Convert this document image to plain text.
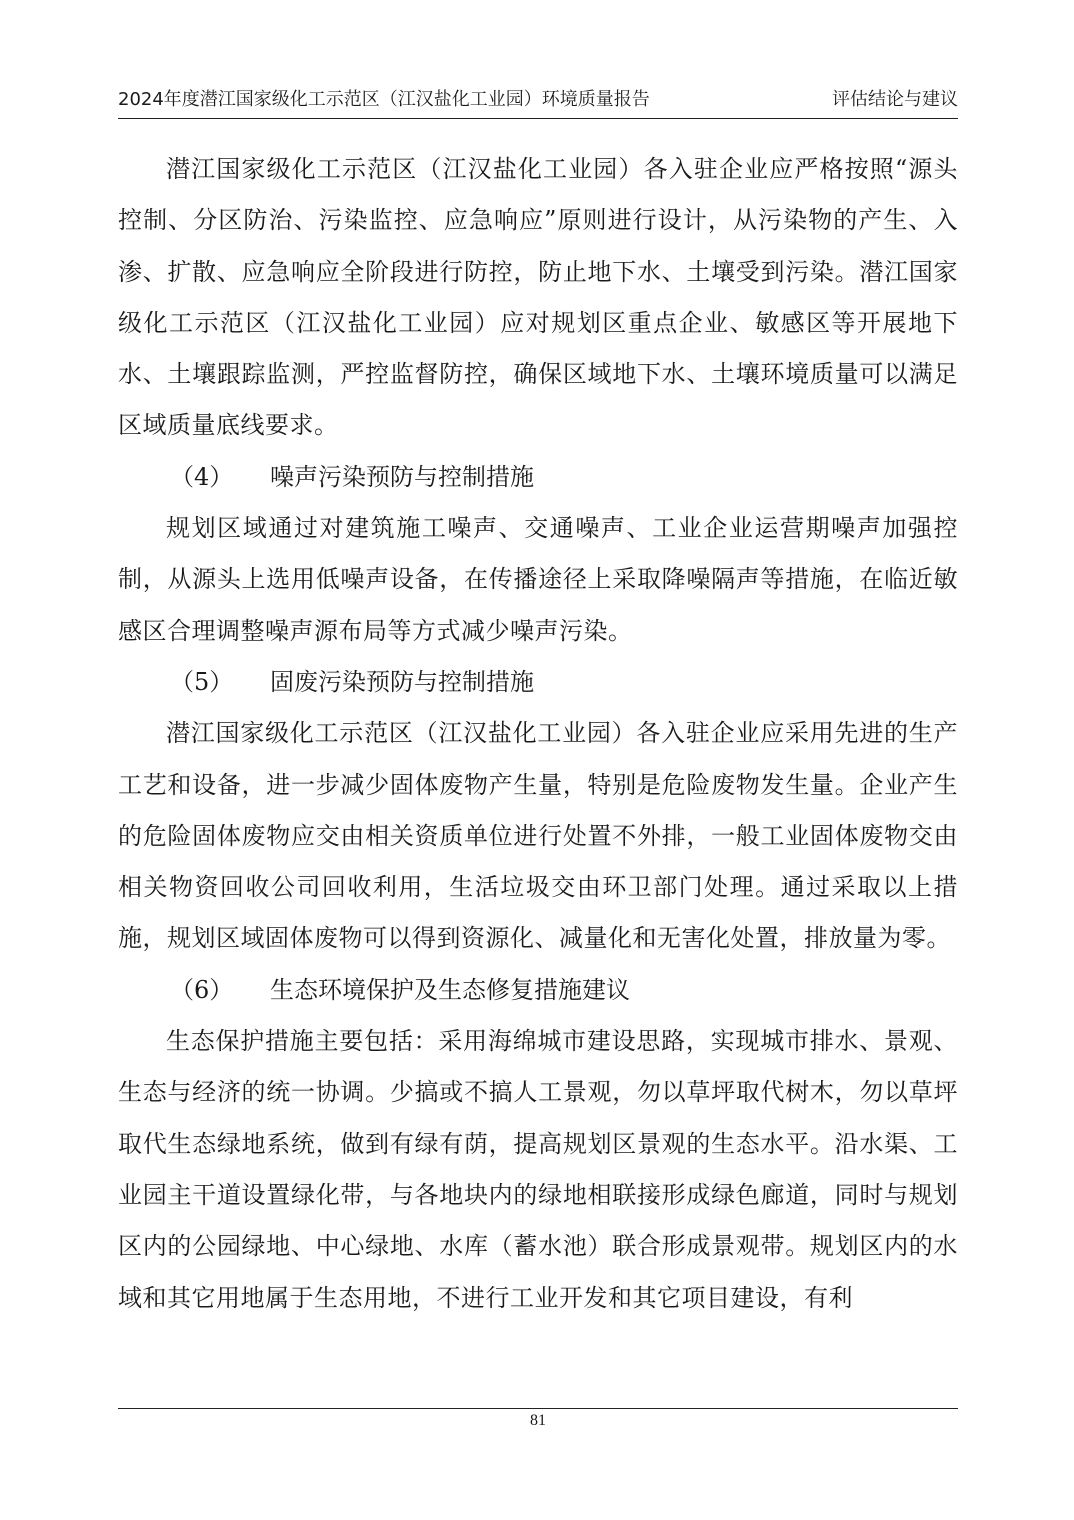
2024年度潜江国家级化工示范区（江汉盐化工业园）环境质量报告	评估结论与建议

潜江国家级化工示范区（江汉盐化工业园）各入驻企业应严格按照“源头控制、分区防治、污染监控、应急响应”原则进行设计，从污染物的产生、入渗、扩散、应急响应全阶段进行防控，防止地下水、土壤受到污染。潜江国家级化工示范区（江汉盐化工业园）应对规划区重点企业、敏感区等开展地下水、土壤跟踪监测，严控监督防控，确保区域地下水、土壤环境质量可以满足区域质量底线要求。

（4） 噪声污染预防与控制措施

规划区域通过对建筑施工噪声、交通噪声、工业企业运营期噪声加强控制，从源头上选用低噪声设备，在传播途径上采取降噪隔声等措施，在临近敏感区合理调整噪声源布局等方式减少噪声污染。

（5） 固废污染预防与控制措施

潜江国家级化工示范区（江汉盐化工业园）各入驻企业应采用先进的生产工艺和设备，进一步减少固体废物产生量，特别是危险废物发生量。企业产生的危险固体废物应交由相关资质单位进行处置不外排，一般工业固体废物交由相关物资回收公司回收利用，生活垃圾交由环卫部门处理。通过采取以上措施，规划区域固体废物可以得到资源化、减量化和无害化处置，排放量为零。

（6） 生态环境保护及生态修复措施建议

生态保护措施主要包括：采用海绵城市建设思路，实现城市排水、景观、生态与经济的统一协调。少搞或不搞人工景观，勿以草坪取代树木，勿以草坪取代生态绿地系统，做到有绿有荫，提高规划区景观的生态水平。沿水渠、工业园主干道设置绿化带，与各地块内的绿地相联接形成绿色廊道，同时与规划区内的公园绿地、中心绿地、水库（蓄水池）联合形成景观带。规划区内的水域和其它用地属于生态用地，不进行工业开发和其它项目建设，有利

81
